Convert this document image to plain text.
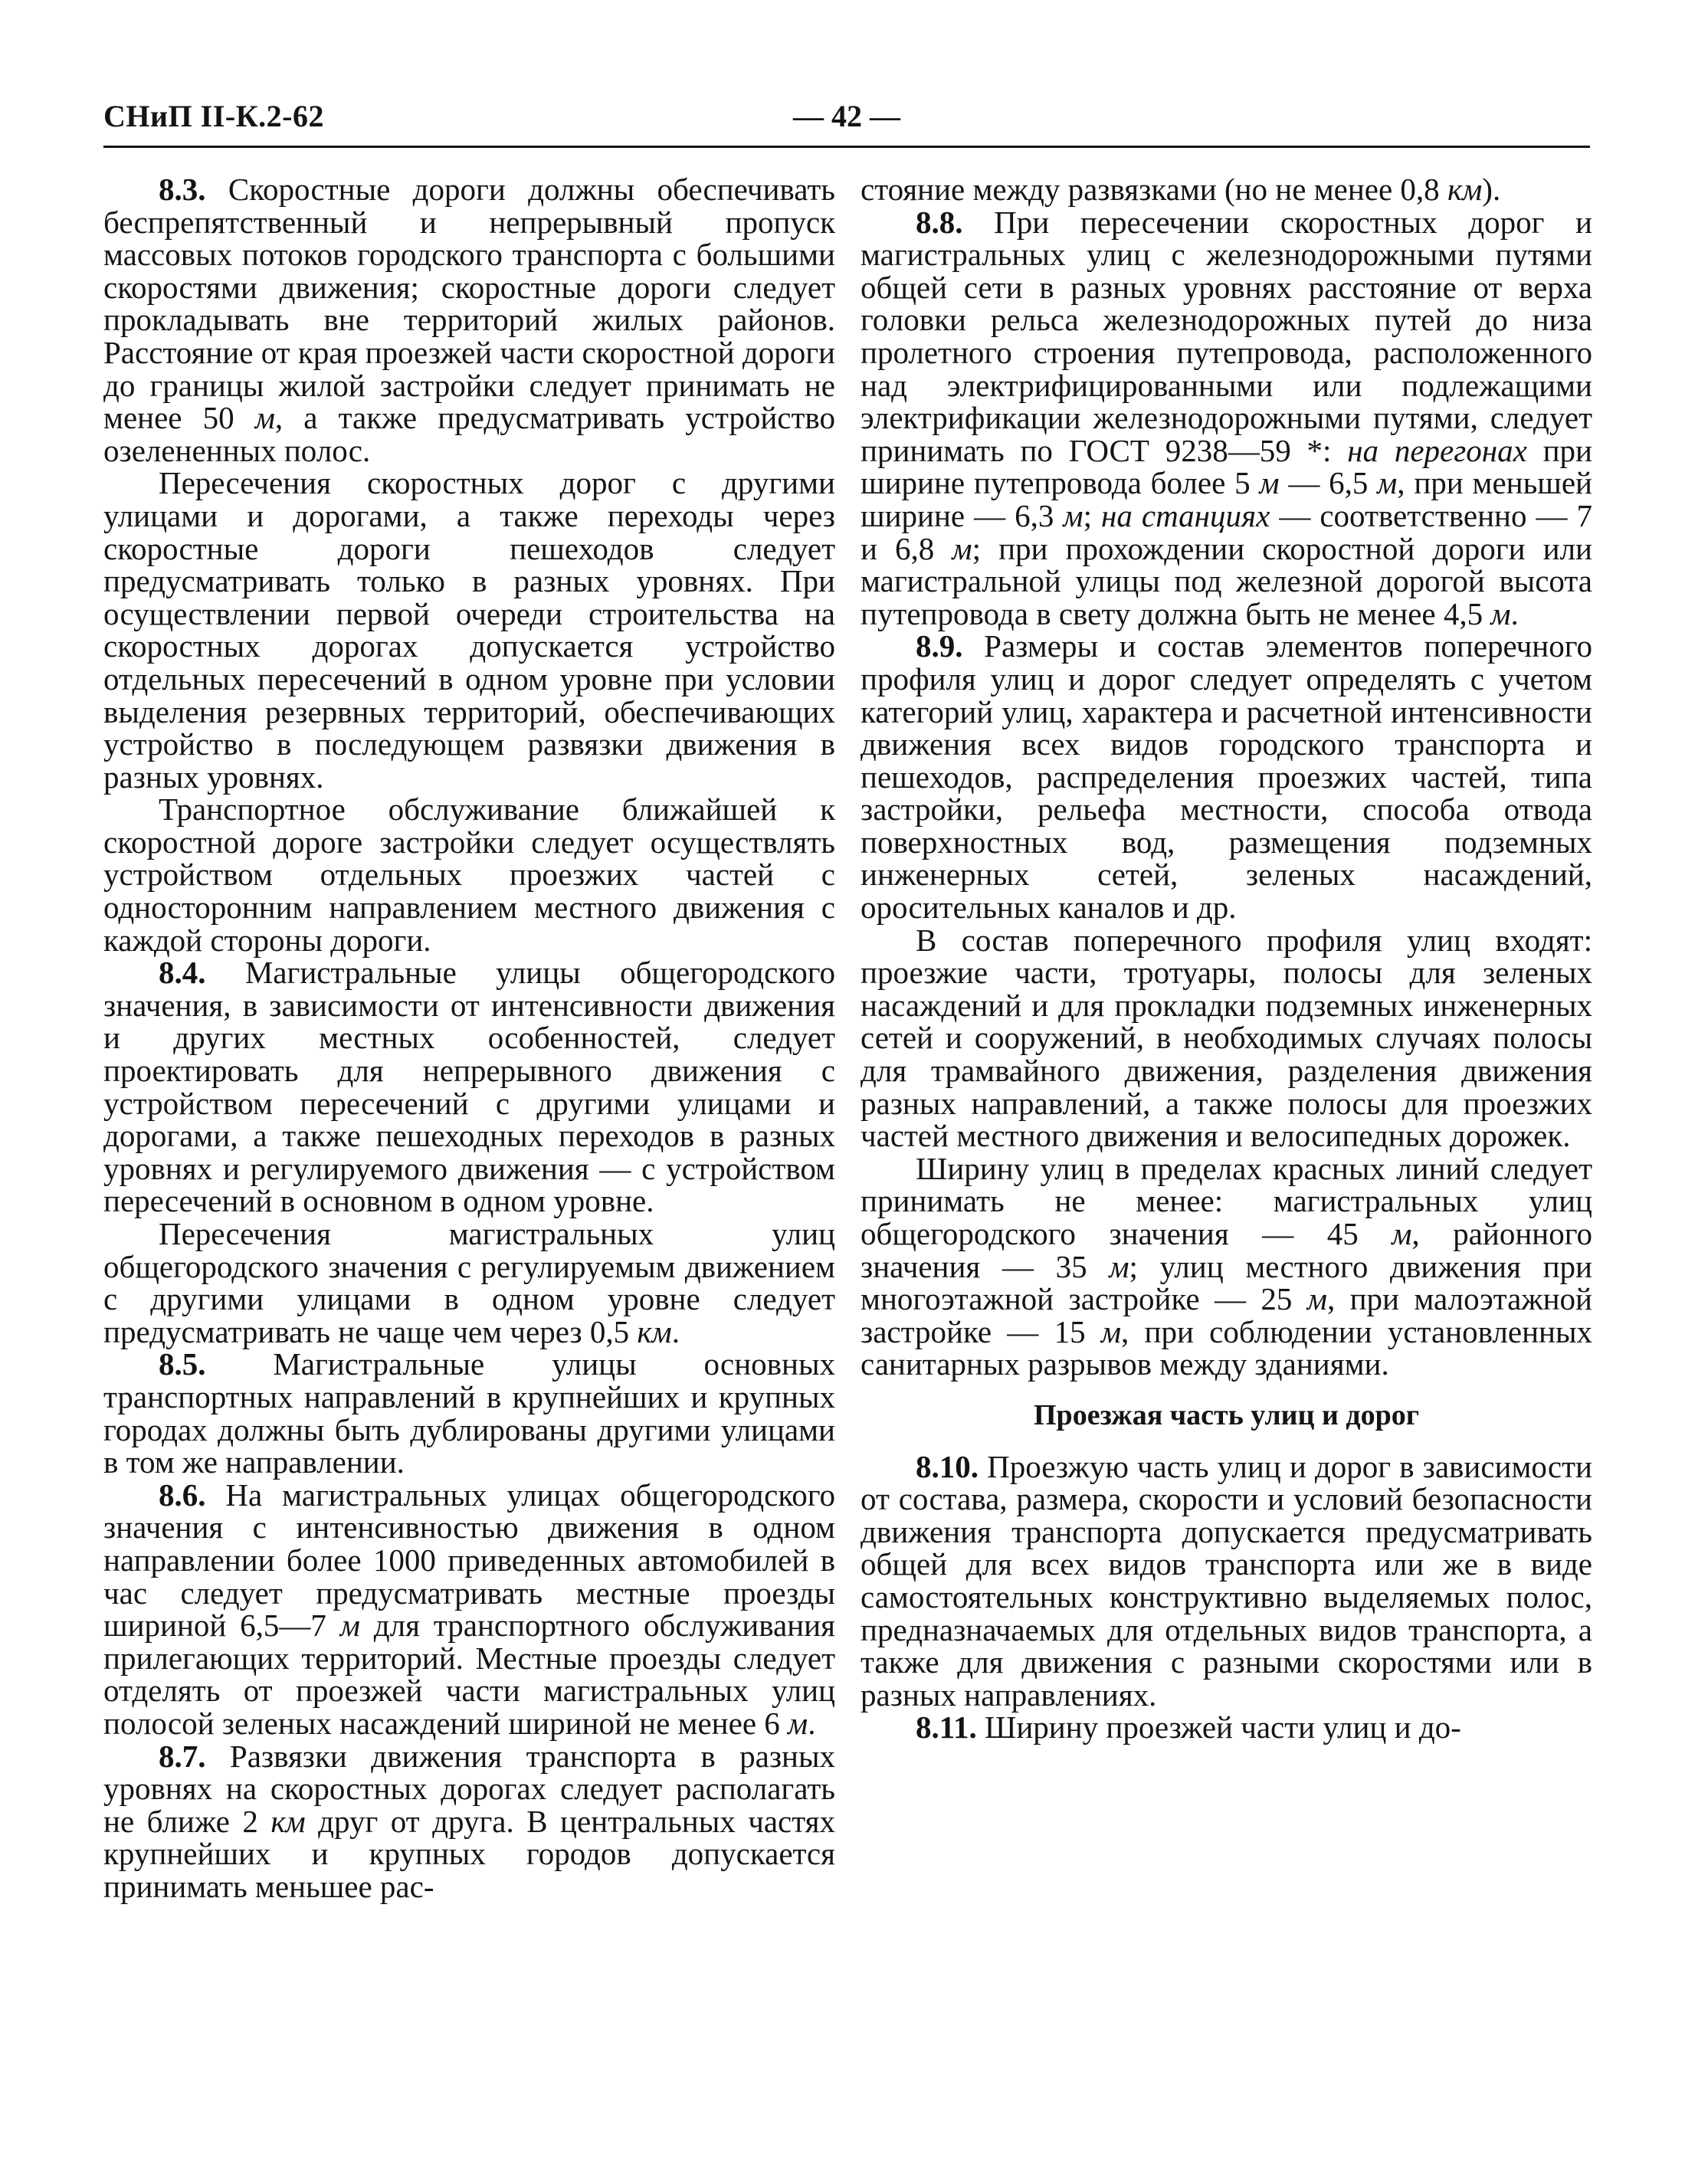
СНиП II-К.2-62	— 42 —

8.3. Скоростные дороги должны обеспечивать беспрепятственный и непрерывный пропуск массовых потоков городского транспорта с большими скоростями движения; скоростные дороги следует прокладывать вне территорий жилых районов. Расстояние от края проезжей части скоростной дороги до границы жилой застройки следует принимать не менее 50 м, а также предусматривать устройство озелененных полос.

Пересечения скоростных дорог с другими улицами и дорогами, а также переходы через скоростные дороги пешеходов следует предусматривать только в разных уровнях. При осуществлении первой очереди строительства на скоростных дорогах допускается устройство отдельных пересечений в одном уровне при условии выделения резервных территорий, обеспечивающих устройство в последующем развязки движения в разных уровнях.

Транспортное обслуживание ближайшей к скоростной дороге застройки следует осуществлять устройством отдельных проезжих частей с односторонним направлением местного движения с каждой стороны дороги.

8.4. Магистральные улицы общегородского значения, в зависимости от интенсивности движения и других местных особенностей, следует проектировать для непрерывного движения с устройством пересечений с другими улицами и дорогами, а также пешеходных переходов в разных уровнях и регулируемого движения — с устройством пересечений в основном в одном уровне.

Пересечения магистральных улиц общегородского значения с регулируемым движением с другими улицами в одном уровне следует предусматривать не чаще чем через 0,5 км.

8.5. Магистральные улицы основных транспортных направлений в крупнейших и крупных городах должны быть дублированы другими улицами в том же направлении.

8.6. На магистральных улицах общегородского значения с интенсивностью движения в одном направлении более 1000 приведенных автомобилей в час следует предусматривать местные проезды шириной 6,5—7 м для транспортного обслуживания прилегающих территорий. Местные проезды следует отделять от проезжей части магистральных улиц полосой зеленых насаждений шириной не менее 6 м.

8.7. Развязки движения транспорта в разных уровнях на скоростных дорогах следует располагать не ближе 2 км друг от друга. В центральных частях крупнейших и крупных городов допускается принимать меньшее рас-

стояние между развязками (но не менее 0,8 км).

8.8. При пересечении скоростных дорог и магистральных улиц с железнодорожными путями общей сети в разных уровнях расстояние от верха головки рельса железнодорожных путей до низа пролетного строения путепровода, расположенного над электрифицированными или подлежащими электрификации железнодорожными путями, следует принимать по ГОСТ 9238—59 *: на перегонах при ширине путепровода более 5 м — 6,5 м, при меньшей ширине — 6,3 м; на станциях — соответственно — 7 и 6,8 м; при прохождении скоростной дороги или магистральной улицы под железной дорогой высота путепровода в свету должна быть не менее 4,5 м.

8.9. Размеры и состав элементов поперечного профиля улиц и дорог следует определять с учетом категорий улиц, характера и расчетной интенсивности движения всех видов городского транспорта и пешеходов, распределения проезжих частей, типа застройки, рельефа местности, способа отвода поверхностных вод, размещения подземных инженерных сетей, зеленых насаждений, оросительных каналов и др.

В состав поперечного профиля улиц входят: проезжие части, тротуары, полосы для зеленых насаждений и для прокладки подземных инженерных сетей и сооружений, в необходимых случаях полосы для трамвайного движения, разделения движения разных направлений, а также полосы для проезжих частей местного движения и велосипедных дорожек.

Ширину улиц в пределах красных линий следует принимать не менее: магистральных улиц общегородского значения — 45 м, районного значения — 35 м; улиц местного движения при многоэтажной застройке — 25 м, при малоэтажной застройке — 15 м, при соблюдении установленных санитарных разрывов между зданиями.

Проезжая часть улиц и дорог

8.10. Проезжую часть улиц и дорог в зависимости от состава, размера, скорости и условий безопасности движения транспорта допускается предусматривать общей для всех видов транспорта или же в виде самостоятельных конструктивно выделяемых полос, предназначаемых для отдельных видов транспорта, а также для движения с разными скоростями или в разных направлениях.

8.11. Ширину проезжей части улиц и до-
